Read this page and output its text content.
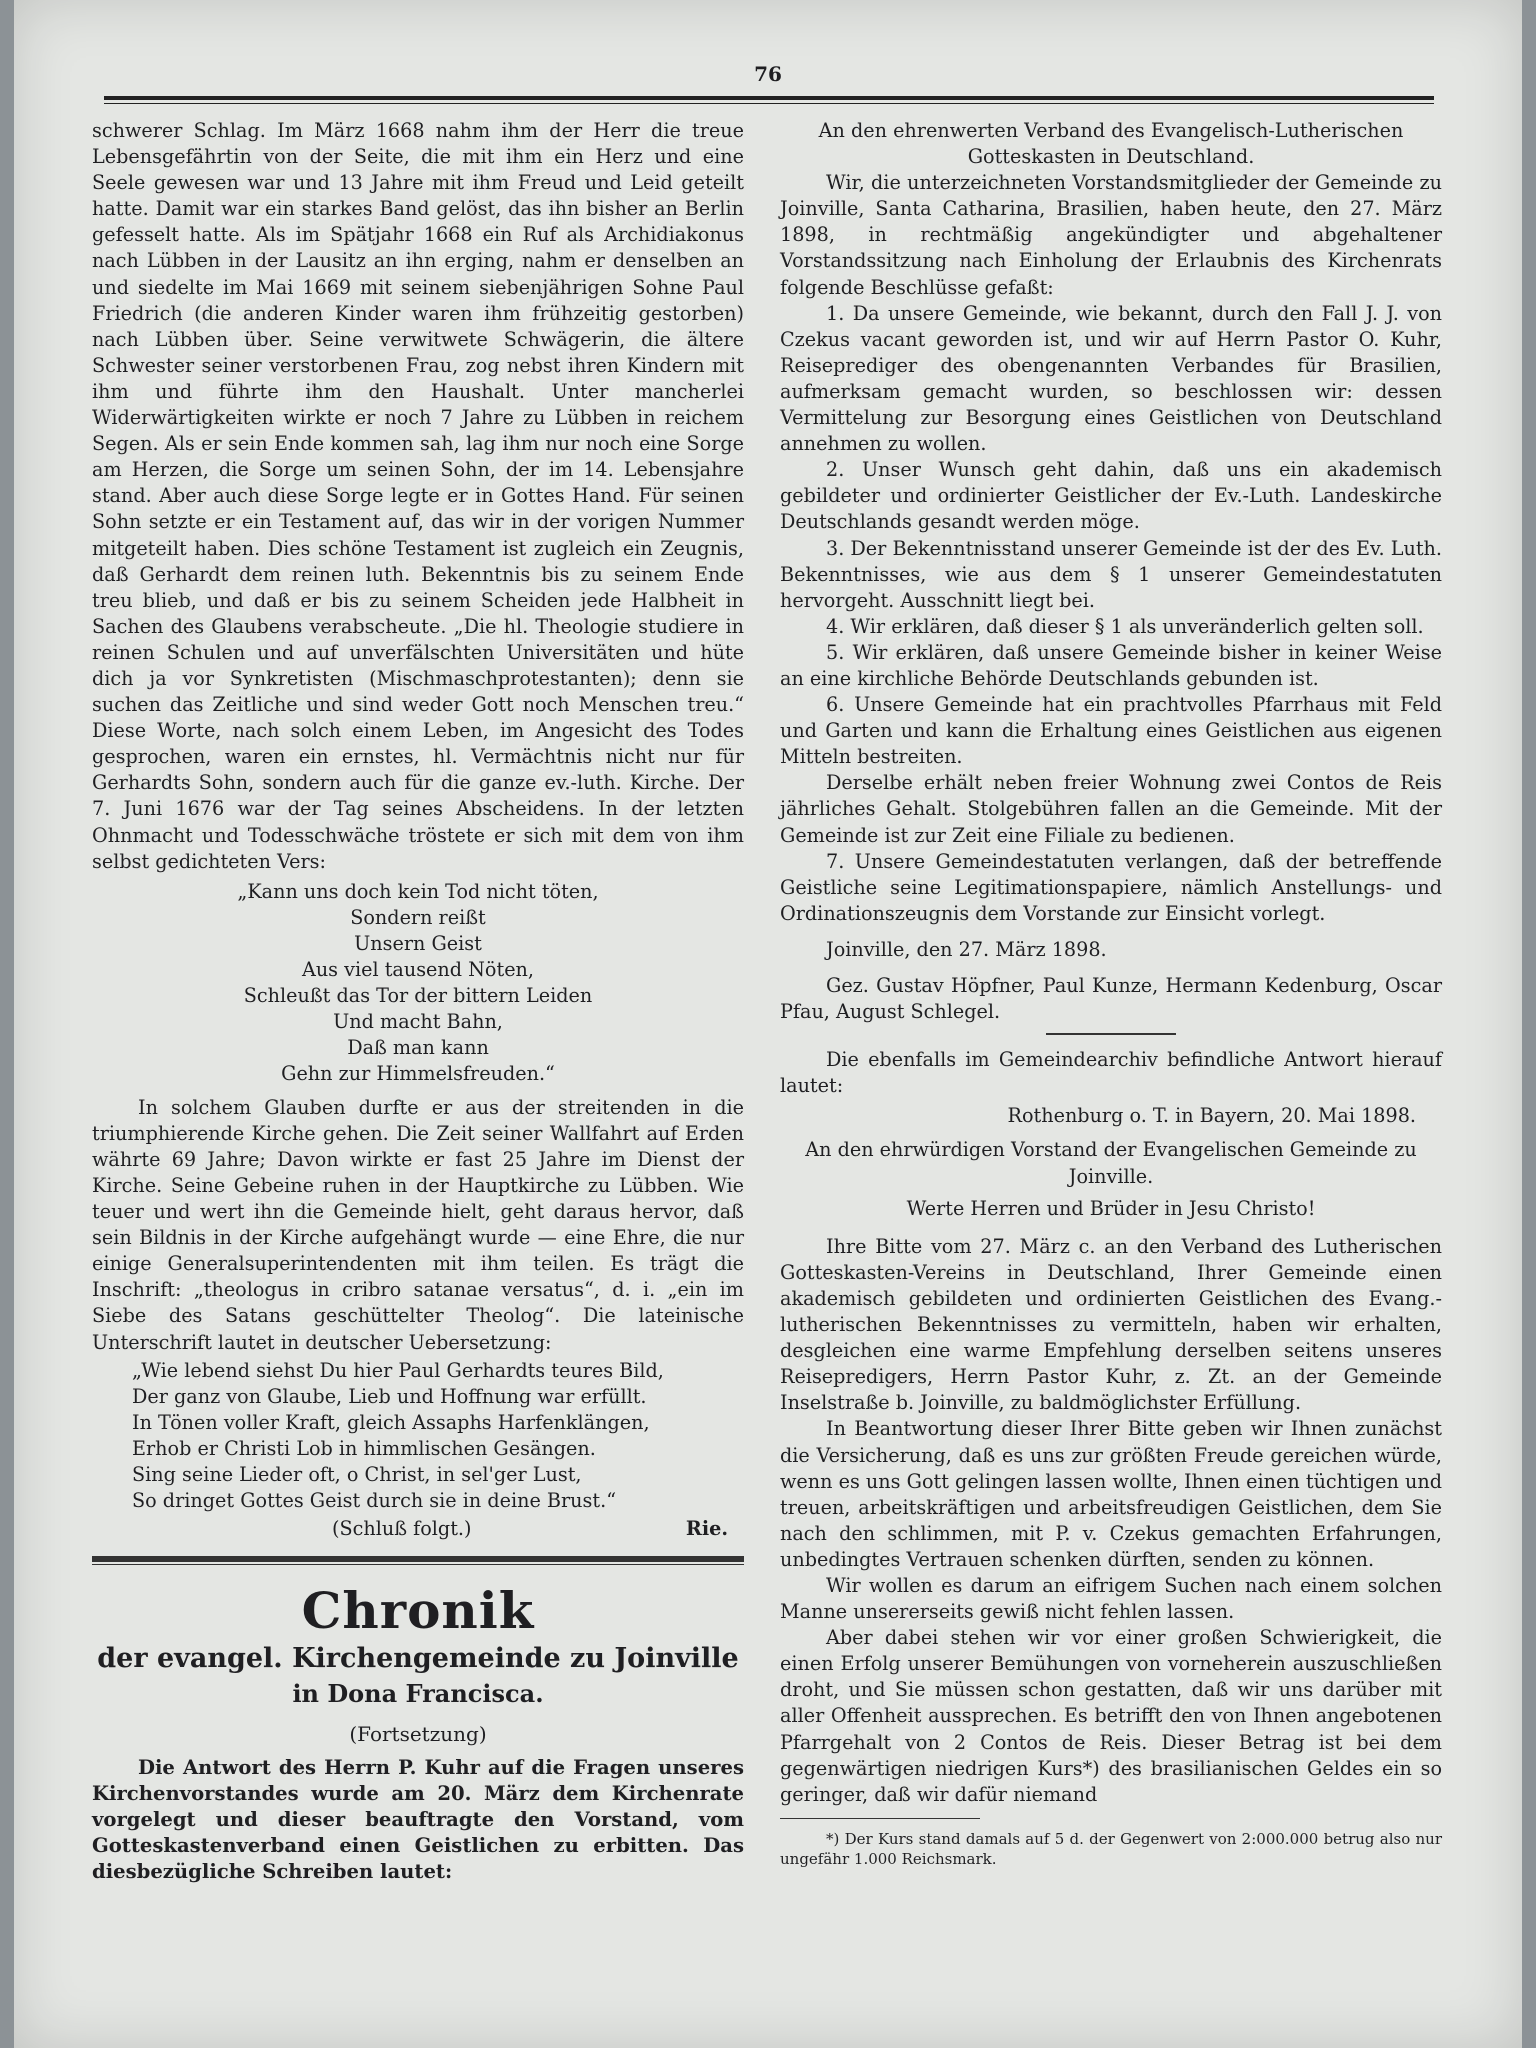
76

schwerer Schlag. Im März 1668 nahm ihm der Herr die treue Lebensgefährtin von der Seite, die mit ihm ein Herz und eine Seele gewesen war und 13 Jahre mit ihm Freud und Leid geteilt hatte. Damit war ein starkes Band gelöst, das ihn bisher an Berlin gefesselt hatte. Als im Spätjahr 1668 ein Ruf als Archidiakonus nach Lübben in der Lausitz an ihn erging, nahm er denselben an und siedelte im Mai 1669 mit seinem siebenjährigen Sohne Paul Friedrich (die anderen Kinder waren ihm frühzeitig gestorben) nach Lübben über. Seine verwitwete Schwägerin, die ältere Schwester seiner verstorbenen Frau, zog nebst ihren Kindern mit ihm und führte ihm den Haushalt. Unter mancherlei Widerwärtigkeiten wirkte er noch 7 Jahre zu Lübben in reichem Segen. Als er sein Ende kommen sah, lag ihm nur noch eine Sorge am Herzen, die Sorge um seinen Sohn, der im 14. Lebensjahre stand. Aber auch diese Sorge legte er in Gottes Hand. Für seinen Sohn setzte er ein Testament auf, das wir in der vorigen Nummer mitgeteilt haben. Dies schöne Testament ist zugleich ein Zeugnis, daß Gerhardt dem reinen luth. Bekenntnis bis zu seinem Ende treu blieb, und daß er bis zu seinem Scheiden jede Halbheit in Sachen des Glaubens verabscheute. „Die hl. Theologie studiere in reinen Schulen und auf unverfälschten Universitäten und hüte dich ja vor Synkretisten (Mischmaschprotestanten); denn sie suchen das Zeitliche und sind weder Gott noch Menschen treu.“ Diese Worte, nach solch einem Leben, im Angesicht des Todes gesprochen, waren ein ernstes, hl. Vermächtnis nicht nur für Gerhardts Sohn, sondern auch für die ganze ev.-luth. Kirche. Der 7. Juni 1676 war der Tag seines Abscheidens. In der letzten Ohnmacht und Todesschwäche tröstete er sich mit dem von ihm selbst gedichteten Vers:

„Kann uns doch kein Tod nicht töten,
Sondern reißt
Unsern Geist
Aus viel tausend Nöten,
Schleußt das Tor der bittern Leiden
Und macht Bahn,
Daß man kann
Gehn zur Himmelsfreuden.“

In solchem Glauben durfte er aus der streitenden in die triumphierende Kirche gehen. Die Zeit seiner Wallfahrt auf Erden währte 69 Jahre; Davon wirkte er fast 25 Jahre im Dienst der Kirche. Seine Gebeine ruhen in der Hauptkirche zu Lübben. Wie teuer und wert ihn die Gemeinde hielt, geht daraus hervor, daß sein Bildnis in der Kirche aufgehängt wurde — eine Ehre, die nur einige Generalsuperintendenten mit ihm teilen. Es trägt die Inschrift: „theologus in cribro satanae versatus“, d. i. „ein im Siebe des Satans geschüttelter Theolog“. Die lateinische Unterschrift lautet in deutscher Uebersetzung:

„Wie lebend siehst Du hier Paul Gerhardts teures Bild,
Der ganz von Glaube, Lieb und Hoffnung war erfüllt.
In Tönen voller Kraft, gleich Assaphs Harfenklängen,
Erhob er Christi Lob in himmlischen Gesängen.
Sing seine Lieder oft, o Christ, in sel'ger Lust,
So dringet Gottes Geist durch sie in deine Brust.“
(Schluß folgt.)	Rie.
Chronik
der evangel. Kirchengemeinde zu Joinville
in Dona Francisca.
(Fortsetzung)

Die Antwort des Herrn P. Kuhr auf die Fragen unseres Kirchenvorstandes wurde am 20. März dem Kirchenrate vorgelegt und dieser beauftragte den Vorstand, vom Gotteskastenverband einen Geistlichen zu erbitten. Das diesbezügliche Schreiben lautet:

An den ehrenwerten Verband des Evangelisch-Lutherischen Gotteskasten in Deutschland.

Wir, die unterzeichneten Vorstandsmitglieder der Gemeinde zu Joinville, Santa Catharina, Brasilien, haben heute, den 27. März 1898, in rechtmäßig angekündigter und abgehaltener Vorstandssitzung nach Einholung der Erlaubnis des Kirchenrats folgende Beschlüsse gefaßt:

1. Da unsere Gemeinde, wie bekannt, durch den Fall J. J. von Czekus vacant geworden ist, und wir auf Herrn Pastor O. Kuhr, Reiseprediger des obengenannten Verbandes für Brasilien, aufmerksam gemacht wurden, so beschlossen wir: dessen Vermittelung zur Besorgung eines Geistlichen von Deutschland annehmen zu wollen.

2. Unser Wunsch geht dahin, daß uns ein akademisch gebildeter und ordinierter Geistlicher der Ev.-Luth. Landeskirche Deutschlands gesandt werden möge.

3. Der Bekenntnisstand unserer Gemeinde ist der des Ev. Luth. Bekenntnisses, wie aus dem § 1 unserer Gemeindestatuten hervorgeht. Ausschnitt liegt bei.

4. Wir erklären, daß dieser § 1 als unveränderlich gelten soll.

5. Wir erklären, daß unsere Gemeinde bisher in keiner Weise an eine kirchliche Behörde Deutschlands gebunden ist.

6. Unsere Gemeinde hat ein prachtvolles Pfarrhaus mit Feld und Garten und kann die Erhaltung eines Geistlichen aus eigenen Mitteln bestreiten.

Derselbe erhält neben freier Wohnung zwei Contos de Reis jährliches Gehalt. Stolgebühren fallen an die Gemeinde. Mit der Gemeinde ist zur Zeit eine Filiale zu bedienen.

7. Unsere Gemeindestatuten verlangen, daß der betreffende Geistliche seine Legitimationspapiere, nämlich Anstellungs- und Ordinationszeugnis dem Vorstande zur Einsicht vorlegt.

Joinville, den 27. März 1898.

Gez. Gustav Höpfner, Paul Kunze, Hermann Kedenburg, Oscar Pfau, August Schlegel.

Die ebenfalls im Gemeindearchiv befindliche Antwort hierauf lautet:

Rothenburg o. T. in Bayern, 20. Mai 1898.

An den ehrwürdigen Vorstand der Evangelischen Gemeinde zu Joinville.

Werte Herren und Brüder in Jesu Christo!

Ihre Bitte vom 27. März c. an den Verband des Lutherischen Gotteskasten-Vereins in Deutschland, Ihrer Gemeinde einen akademisch gebildeten und ordinierten Geistlichen des Evang.-lutherischen Bekenntnisses zu vermitteln, haben wir erhalten, desgleichen eine warme Empfehlung derselben seitens unseres Reisepredigers, Herrn Pastor Kuhr, z. Zt. an der Gemeinde Inselstraße b. Joinville, zu baldmöglichster Erfüllung.

In Beantwortung dieser Ihrer Bitte geben wir Ihnen zunächst die Versicherung, daß es uns zur größten Freude gereichen würde, wenn es uns Gott gelingen lassen wollte, Ihnen einen tüchtigen und treuen, arbeitskräftigen und arbeitsfreudigen Geistlichen, dem Sie nach den schlimmen, mit P. v. Czekus gemachten Erfahrungen, unbedingtes Vertrauen schenken dürften, senden zu können.

Wir wollen es darum an eifrigem Suchen nach einem solchen Manne unsererseits gewiß nicht fehlen lassen.

Aber dabei stehen wir vor einer großen Schwierigkeit, die einen Erfolg unserer Bemühungen von vorneherein auszuschließen droht, und Sie müssen schon gestatten, daß wir uns darüber mit aller Offenheit aussprechen. Es betrifft den von Ihnen angebotenen Pfarrgehalt von 2 Contos de Reis. Dieser Betrag ist bei dem gegenwärtigen niedrigen Kurs*) des brasilianischen Geldes ein so geringer, daß wir dafür niemand

*) Der Kurs stand damals auf 5 d. der Gegenwert von 2:000.000 betrug also nur ungefähr 1.000 Reichsmark.
